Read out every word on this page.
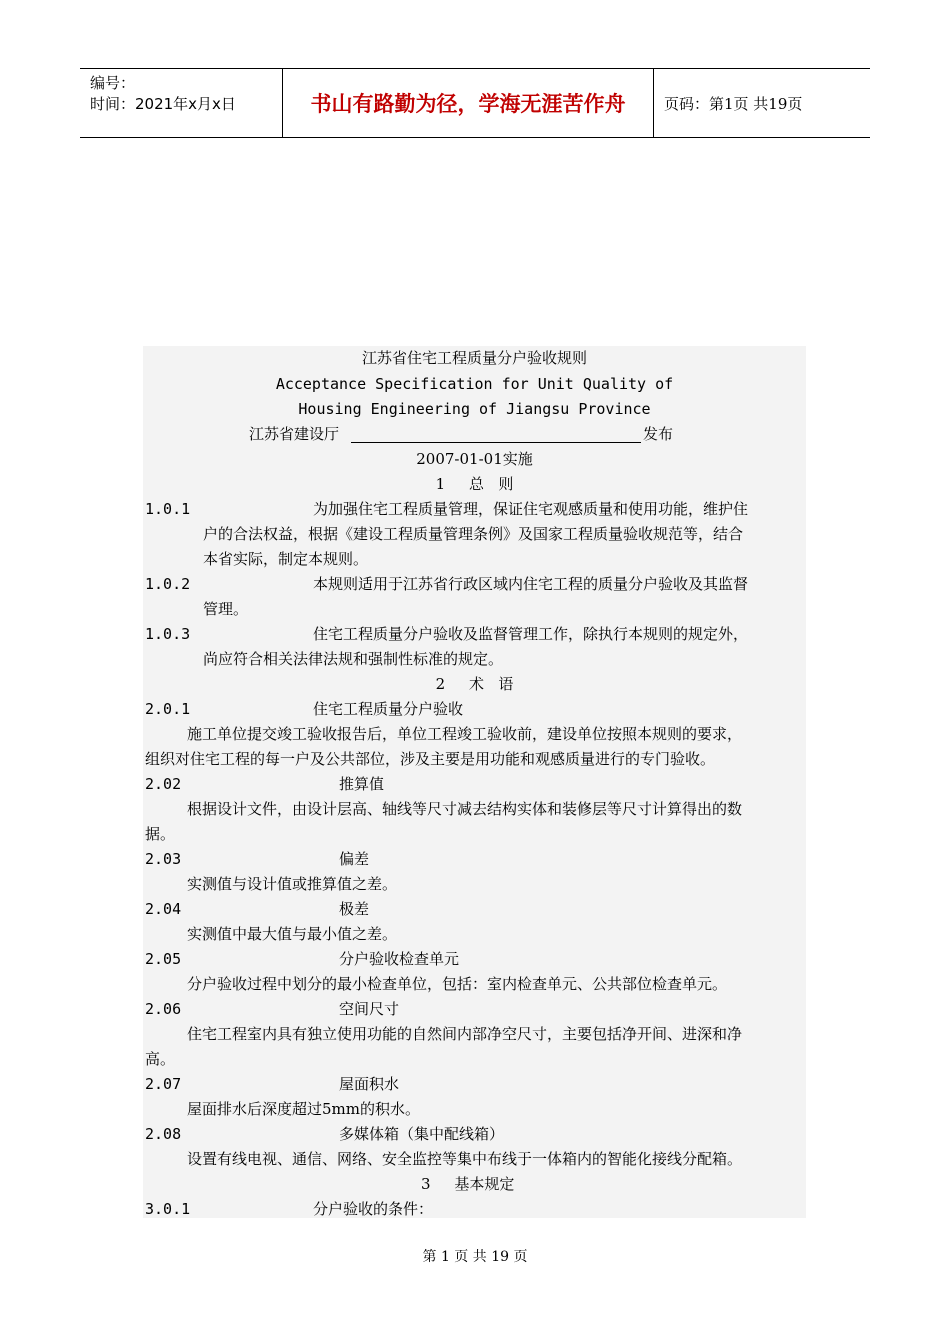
编号：
时间：2021年x月x日	书山有路勤为径，学海无涯苦作舟	页码：第1页 共19页
江苏省住宅工程质量分户验收规则
Acceptance Specification for Unit Quality of
Housing Engineering of Jiangsu Province
江苏省建设厅	发布
2007-01-01实施
1     总   则
1.0.1	为加强住宅工程质量管理，保证住宅观感质量和使用功能，维护住
户的合法权益，根据《建设工程质量管理条例》及国家工程质量验收规范等，结合
本省实际，制定本规则。
1.0.2	本规则适用于江苏省行政区域内住宅工程的质量分户验收及其监督
管理。
1.0.3	住宅工程质量分户验收及监督管理工作，除执行本规则的规定外，
尚应符合相关法律法规和强制性标准的规定。
2     术   语
2.0.1	住宅工程质量分户验收
施工单位提交竣工验收报告后，单位工程竣工验收前，建设单位按照本规则的要求，
组织对住宅工程的每一户及公共部位，涉及主要是用功能和观感质量进行的专门验收。
2.02	推算值
根据设计文件，由设计层高、轴线等尺寸减去结构实体和装修层等尺寸计算得出的数
据。
2.03	偏差
实测值与设计值或推算值之差。
2.04	极差
实测值中最大值与最小值之差。
2.05	分户验收检查单元
分户验收过程中划分的最小检查单位，包括：室内检查单元、公共部位检查单元。
2.06	空间尺寸
住宅工程室内具有独立使用功能的自然间内部净空尺寸，主要包括净开间、进深和净
高。
2.07	屋面积水
屋面排水后深度超过5mm的积水。
2.08	多媒体箱（集中配线箱）
设置有线电视、通信、网络、安全监控等集中布线于一体箱内的智能化接线分配箱。
3     基本规定
3.0.1	分户验收的条件：
第 1 页 共 19 页
